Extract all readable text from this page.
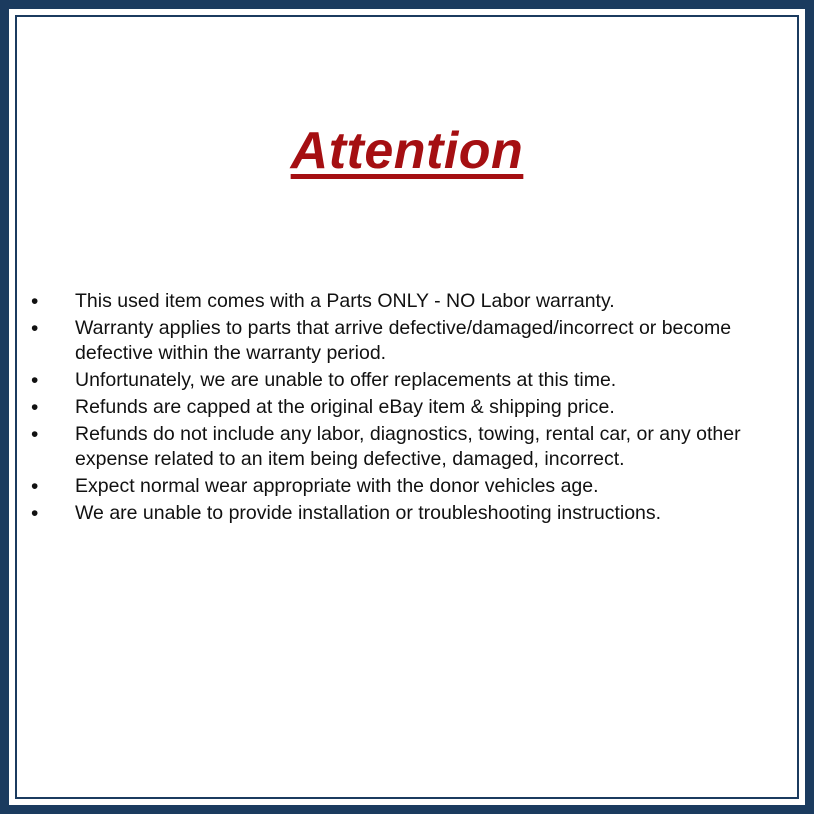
Attention
• This used item comes with a Parts ONLY - NO Labor warranty.
• Warranty applies to parts that arrive defective/damaged/incorrect or become defective within the warranty period.
• Unfortunately, we are unable to offer replacements at this time.
• Refunds are capped at the original eBay item & shipping price.
• Refunds do not include any labor, diagnostics, towing, rental car, or any other expense related to an item being defective, damaged, incorrect.
• Expect normal wear appropriate with the donor vehicles age.
• We are unable to provide installation or troubleshooting instructions.
